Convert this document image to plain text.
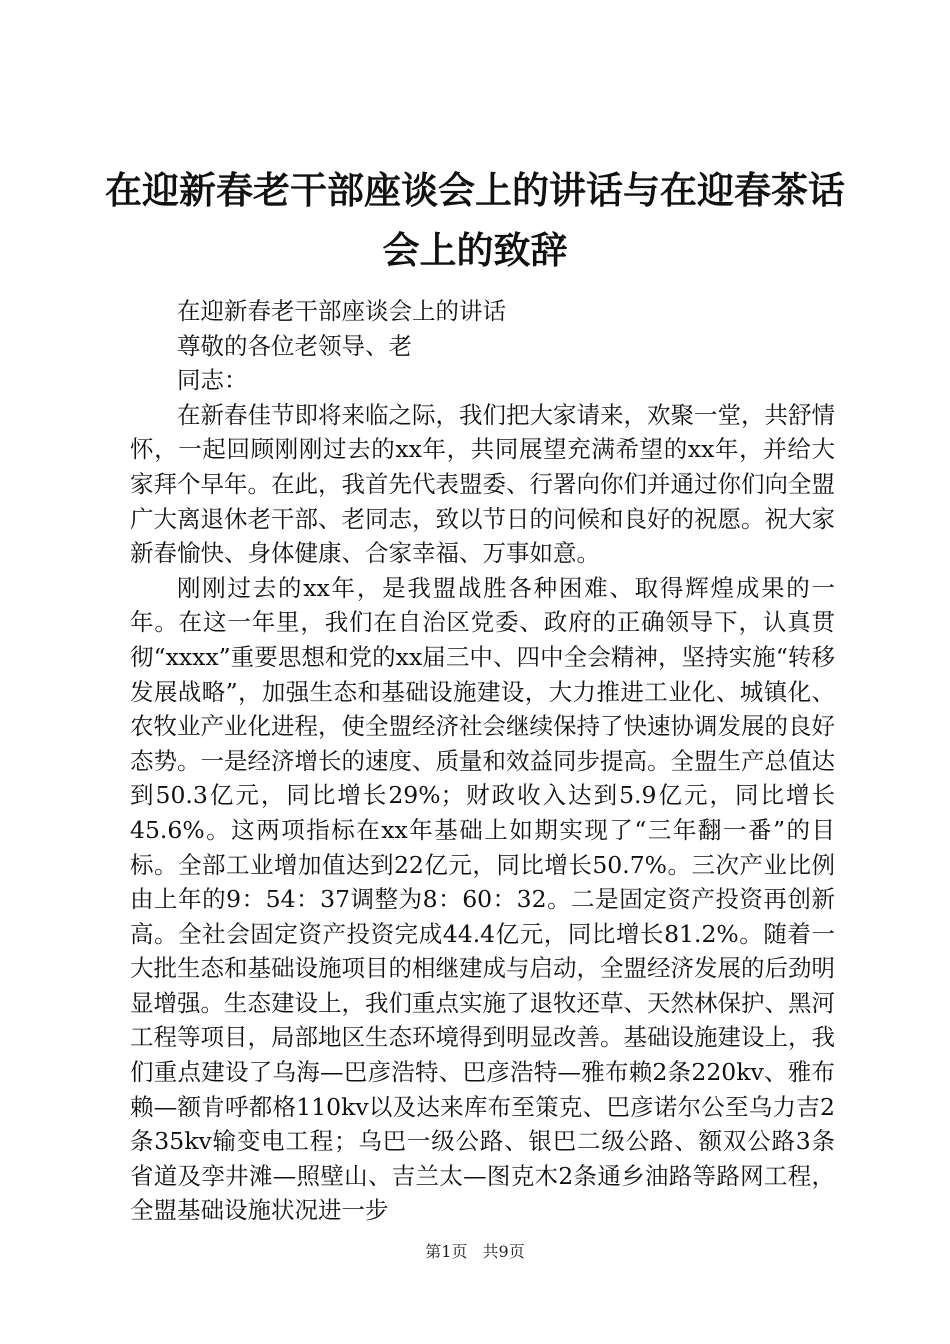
在迎新春老干部座谈会上的讲话与在迎春茶话会上的致辞

在迎新春老干部座谈会上的讲话

尊敬的各位老领导、老

同志：

在新春佳节即将来临之际，我们把大家请来，欢聚一堂，共舒情怀，一起回顾刚刚过去的xx年，共同展望充满希望的xx年，并给大家拜个早年。在此，我首先代表盟委、行署向你们并通过你们向全盟广大离退休老干部、老同志，致以节日的问候和良好的祝愿。祝大家新春愉快、身体健康、合家幸福、万事如意。

刚刚过去的xx年，是我盟战胜各种困难、取得辉煌成果的一年。在这一年里，我们在自治区党委、政府的正确领导下，认真贯彻“xxxx”重要思想和党的xx届三中、四中全会精神，坚持实施“转移发展战略”，加强生态和基础设施建设，大力推进工业化、城镇化、农牧业产业化进程，使全盟经济社会继续保持了快速协调发展的良好态势。一是经济增长的速度、质量和效益同步提高。全盟生产总值达到50.3亿元，同比增长29%；财政收入达到5.9亿元，同比增长45.6%。这两项指标在xx年基础上如期实现了“三年翻一番”的目标。全部工业增加值达到22亿元，同比增长50.7%。三次产业比例由上年的9：54：37调整为8：60：32。二是固定资产投资再创新高。全社会固定资产投资完成44.4亿元，同比增长81.2%。随着一大批生态和基础设施项目的相继建成与启动，全盟经济发展的后劲明显增强。生态建设上，我们重点实施了退牧还草、天然林保护、黑河工程等项目，局部地区生态环境得到明显改善。基础设施建设上，我们重点建设了乌海—巴彦浩特、巴彦浩特—雅布赖2条220kv、雅布赖—额肯呼都格110kv以及达来库布至策克、巴彦诺尔公至乌力吉2条35kv输变电工程；乌巴一级公路、银巴二级公路、额双公路3条省道及孪井滩—照壁山、吉兰太—图克木2条通乡油路等路网工程，全盟基础设施状况进一步

第1页 共9页
